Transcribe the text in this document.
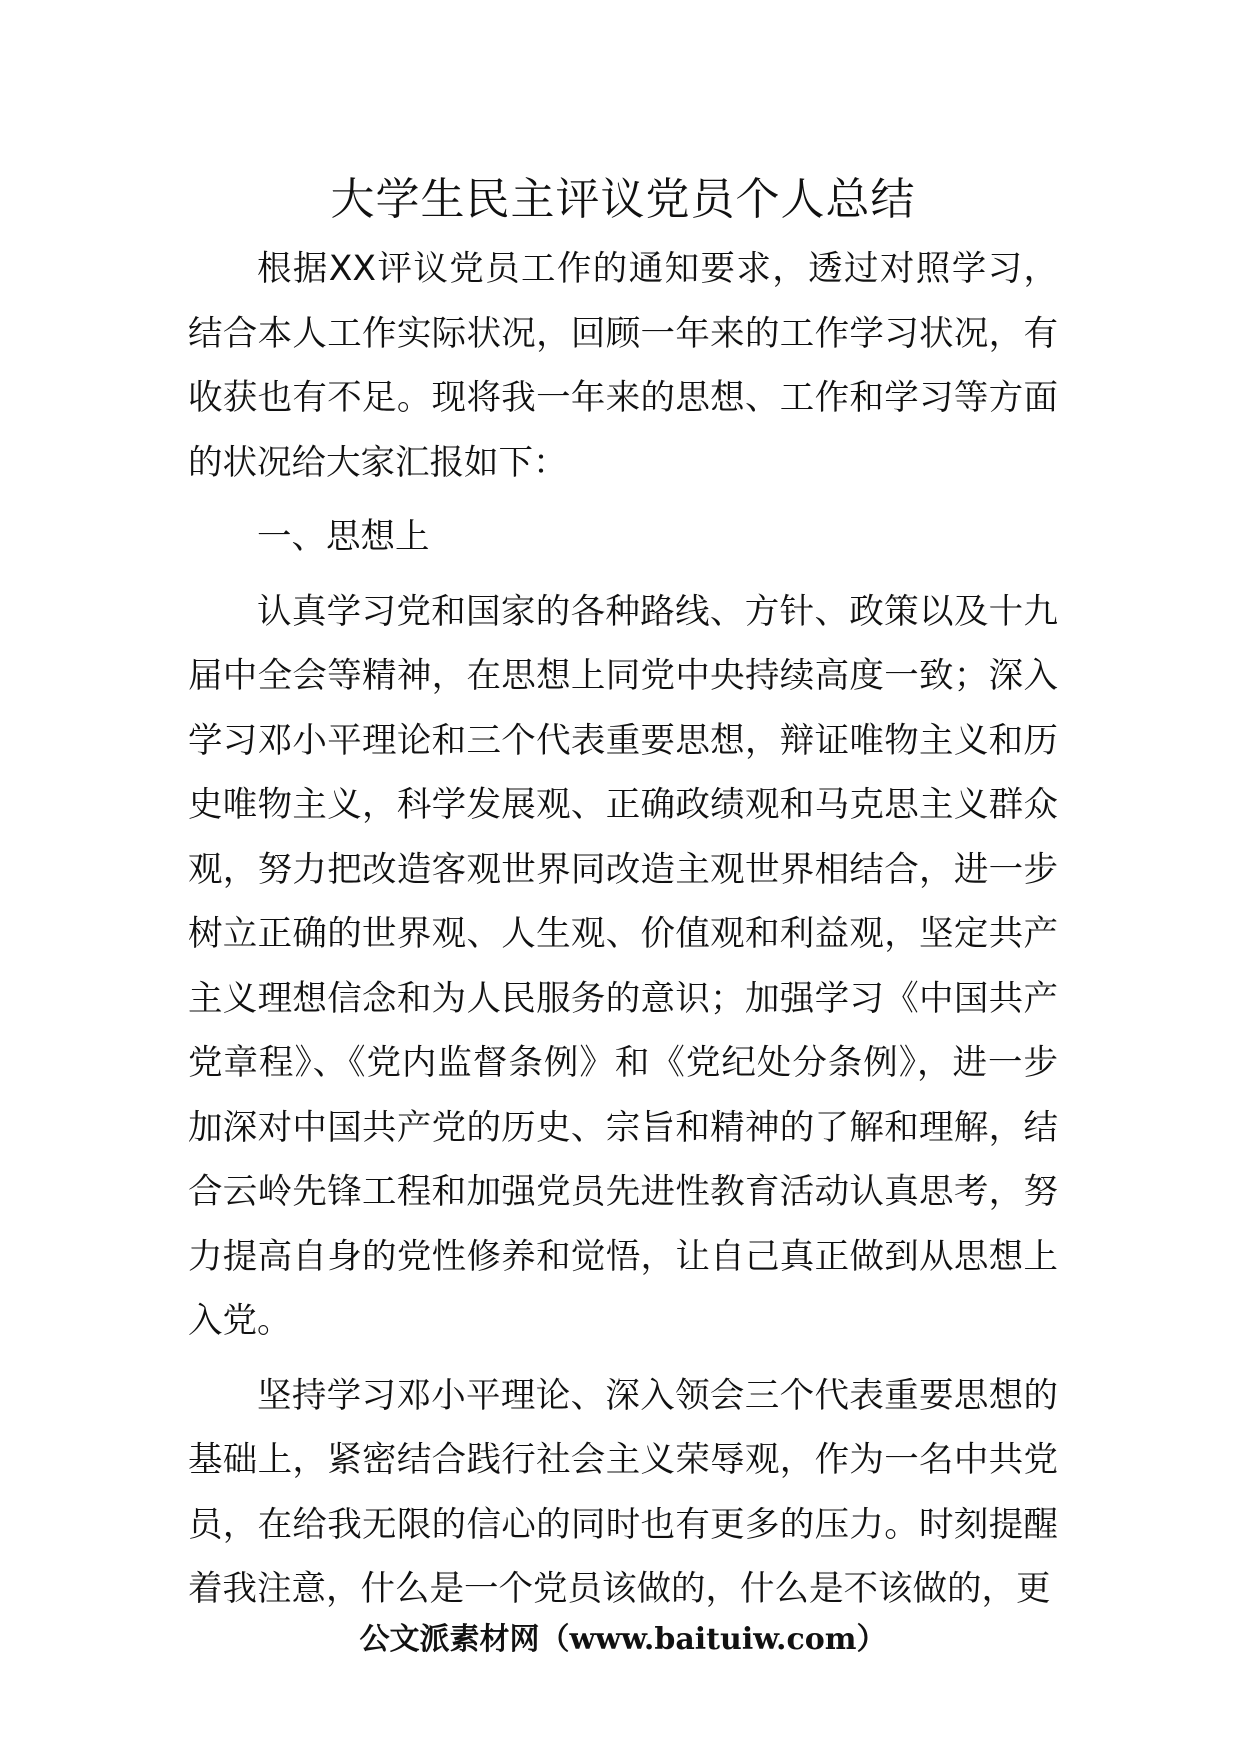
大学生民主评议党员个人总结

根据XX评议党员工作的通知要求，透过对照学习，结合本人工作实际状况，回顾一年来的工作学习状况，有收获也有不足。现将我一年来的思想、工作和学习等方面的状况给大家汇报如下：

一、思想上

认真学习党和国家的各种路线、方针、政策以及十九届中全会等精神，在思想上同党中央持续高度一致；深入学习邓小平理论和三个代表重要思想，辩证唯物主义和历史唯物主义，科学发展观、正确政绩观和马克思主义群众观，努力把改造客观世界同改造主观世界相结合，进一步树立正确的世界观、人生观、价值观和利益观，坚定共产主义理想信念和为人民服务的意识；加强学习《中国共产党章程》、《党内监督条例》和《党纪处分条例》，进一步加深对中国共产党的历史、宗旨和精神的了解和理解，结合云岭先锋工程和加强党员先进性教育活动认真思考，努力提高自身的党性修养和觉悟，让自己真正做到从思想上入党。

坚持学习邓小平理论、深入领会三个代表重要思想的基础上，紧密结合践行社会主义荣辱观，作为一名中共党员，在给我无限的信心的同时也有更多的压力。时刻提醒着我注意，什么是一个党员该做的，什么是不该做的，更

公文派素材网（www.baituiw.com）
